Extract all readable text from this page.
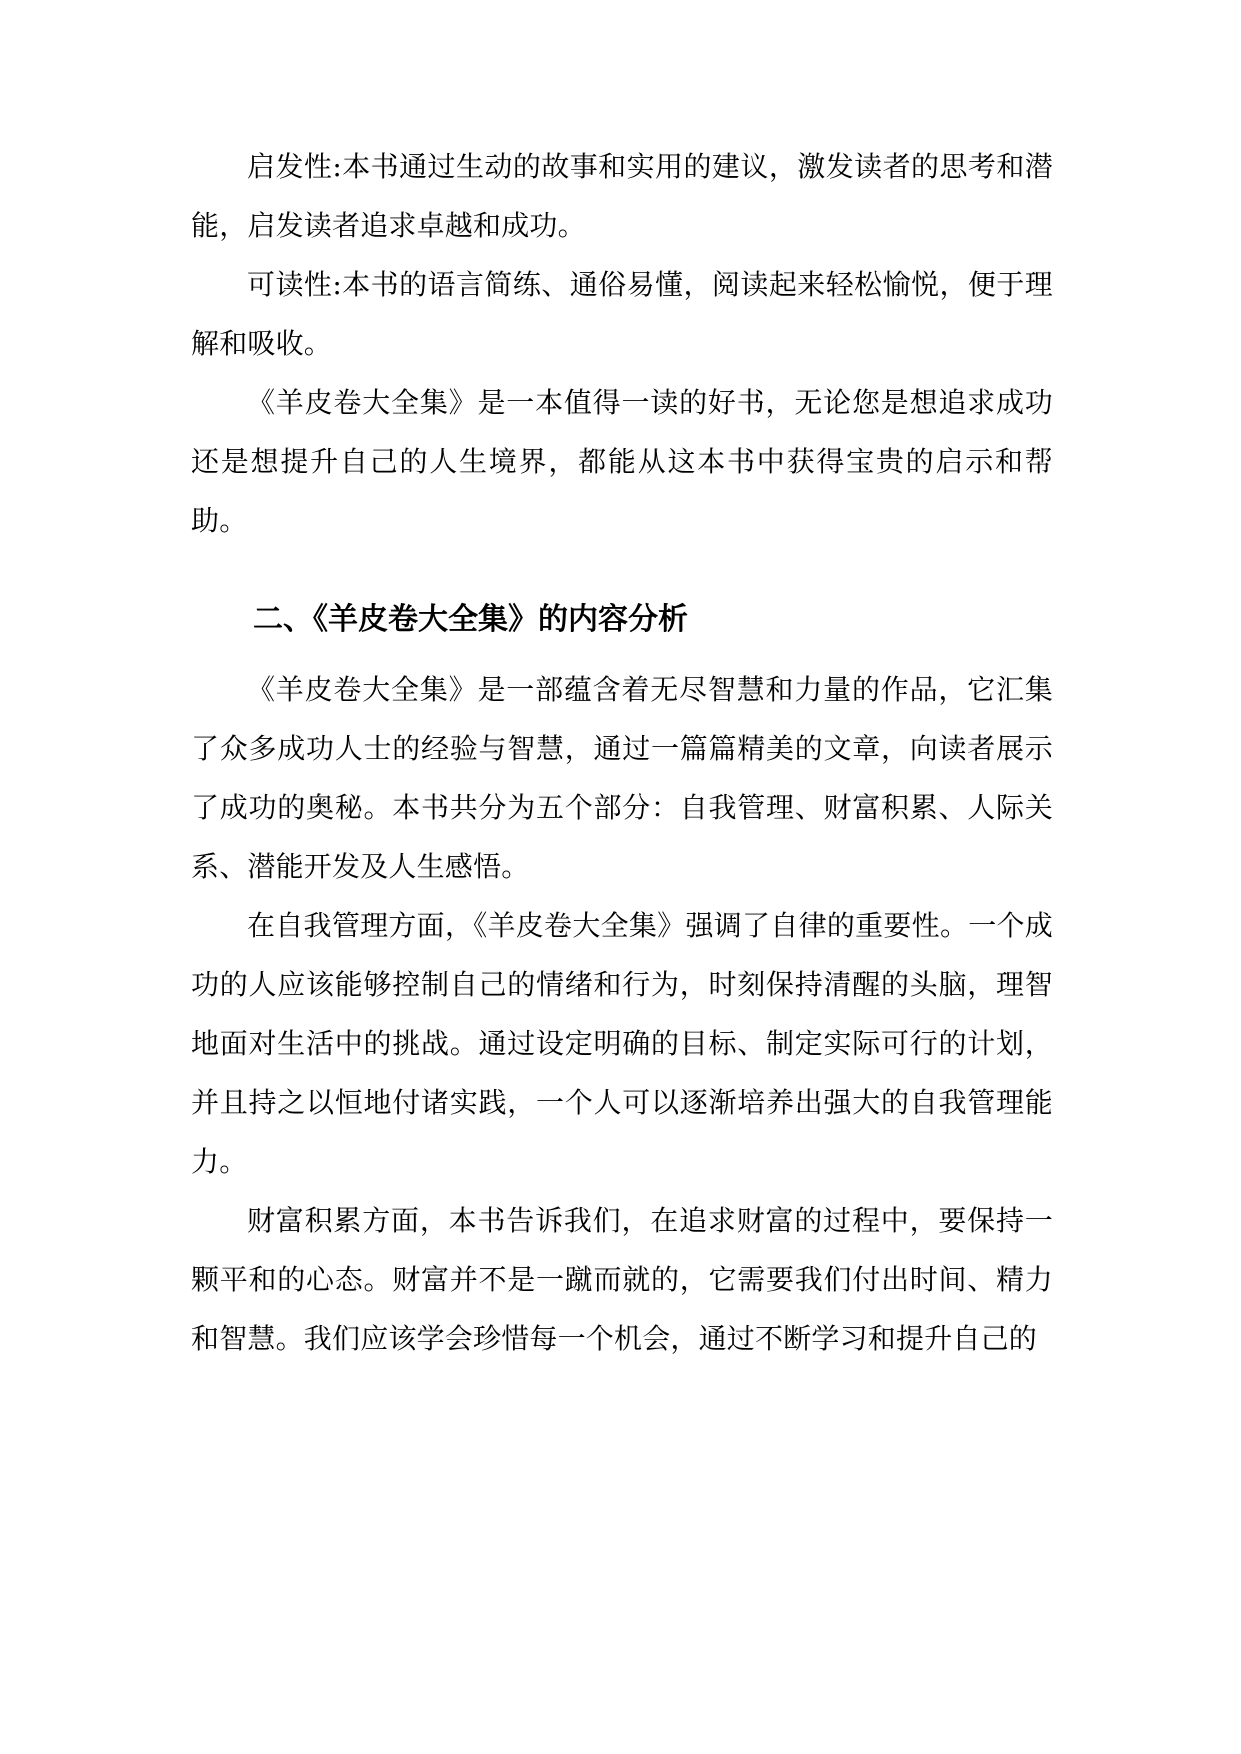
启发性:本书通过生动的故事和实用的建议，激发读者的思考和潜能，启发读者追求卓越和成功。

可读性:本书的语言简练、通俗易懂，阅读起来轻松愉悦，便于理解和吸收。

《羊皮卷大全集》是一本值得一读的好书，无论您是想追求成功还是想提升自己的人生境界，都能从这本书中获得宝贵的启示和帮助。

二、《羊皮卷大全集》的内容分析

《羊皮卷大全集》是一部蕴含着无尽智慧和力量的作品，它汇集了众多成功人士的经验与智慧，通过一篇篇精美的文章，向读者展示了成功的奥秘。本书共分为五个部分：自我管理、财富积累、人际关系、潜能开发及人生感悟。

在自我管理方面，《羊皮卷大全集》强调了自律的重要性。一个成功的人应该能够控制自己的情绪和行为，时刻保持清醒的头脑，理智地面对生活中的挑战。通过设定明确的目标、制定实际可行的计划，并且持之以恒地付诸实践，一个人可以逐渐培养出强大的自我管理能力。

财富积累方面，本书告诉我们，在追求财富的过程中，要保持一颗平和的心态。财富并不是一蹴而就的，它需要我们付出时间、精力和智慧。我们应该学会珍惜每一个机会，通过不断学习和提升自己的
